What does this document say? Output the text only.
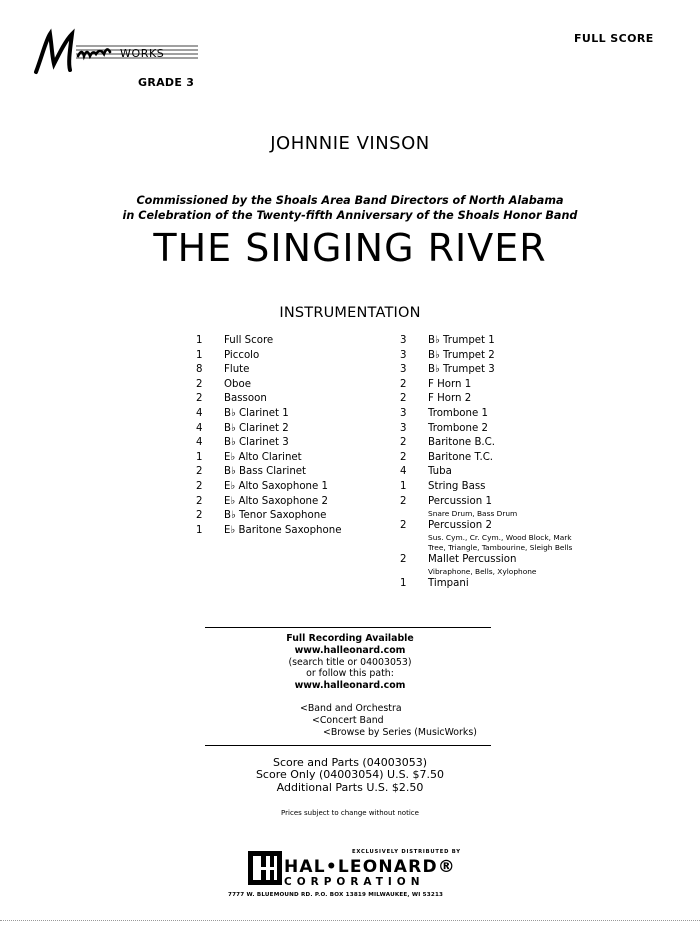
WORKS
GRADE 3
FULL SCORE
JOHNNIE VINSON
Commissioned by the Shoals Area Band Directors of North Alabama
in Celebration of the Twenty-fifth Anniversary of the Shoals Honor Band
THE SINGING RIVER
INSTRUMENTATION
1	Full Score
1	Piccolo
8	Flute
2	Oboe
2	Bassoon
4	B♭ Clarinet 1
4	B♭ Clarinet 2
4	B♭ Clarinet 3
1	E♭ Alto Clarinet
2	B♭ Bass Clarinet
2	E♭ Alto Saxophone 1
2	E♭ Alto Saxophone 2
2	B♭ Tenor Saxophone
1	E♭ Baritone Saxophone
3	B♭ Trumpet 1
3	B♭ Trumpet 2
3	B♭ Trumpet 3
2	F Horn 1
2	F Horn 2
3	Trombone 1
3	Trombone 2
2	Baritone B.C.
2	Baritone T.C.
4	Tuba
1	String Bass
2	Percussion 1
Snare Drum, Bass Drum
2	Percussion 2
Sus. Cym., Cr. Cym., Wood Block, Mark Tree, Triangle, Tambourine, Sleigh Bells
2	Mallet Percussion
Vibraphone, Bells, Xylophone
1	Timpani
Full Recording Available
www.halleonard.com
(search title or 04003053)
or follow this path:
www.halleonard.com
<Band and Orchestra
<Concert Band
<Browse by Series (MusicWorks)
Score and Parts (04003053)
Score Only (04003054) U.S. $7.50
Additional Parts U.S. $2.50
Prices subject to change without notice
EXCLUSIVELY DISTRIBUTED BY
HAL•LEONARD®
CORPORATION
7777 W. BLUEMOUND RD. P.O. BOX 13819 MILWAUKEE, WI 53213
